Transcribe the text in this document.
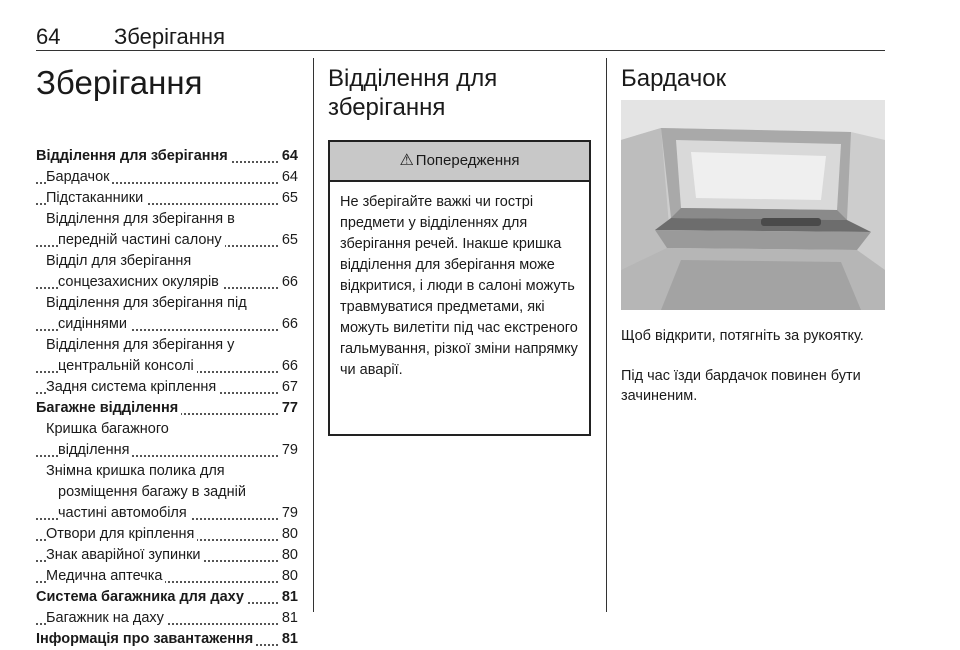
64 Зберігання
Зберігання
Відділення для зберігання	64
Бардачок	64
Підстаканники	65
Відділення для зберігання в
передній частині салону	65
Відділ для зберігання
сонцезахисних окулярів	66
Відділення для зберігання під
сидіннями	66
Відділення для зберігання у
центральній консолі	66
Задня система кріплення	67
Багажне відділення	77
Кришка багажного
відділення	79
Знімна кришка полика для
розміщення багажу в задній
частині автомобіля	79
Отвори для кріплення	80
Знак аварійної зупинки	80
Медична аптечка	80
Система багажника для даху	81
Багажник на даху	81
Інформація про завантаження 81
Відділення для
зберігання
⚠ Попередження
Не зберігайте важкі чи гострі предмети у відділеннях для зберігання речей. Інакше кришка відділення для зберігання може відкритися, і люди в салоні можуть травмуватися предметами, які можуть вилетіти під час екстреного гальмування, різкої зміни напрямку чи аварії.
Бардачок

Щоб відкрити, потягніть за рукоятку.

Під час їзди бардачок повинен бути зачиненим.
